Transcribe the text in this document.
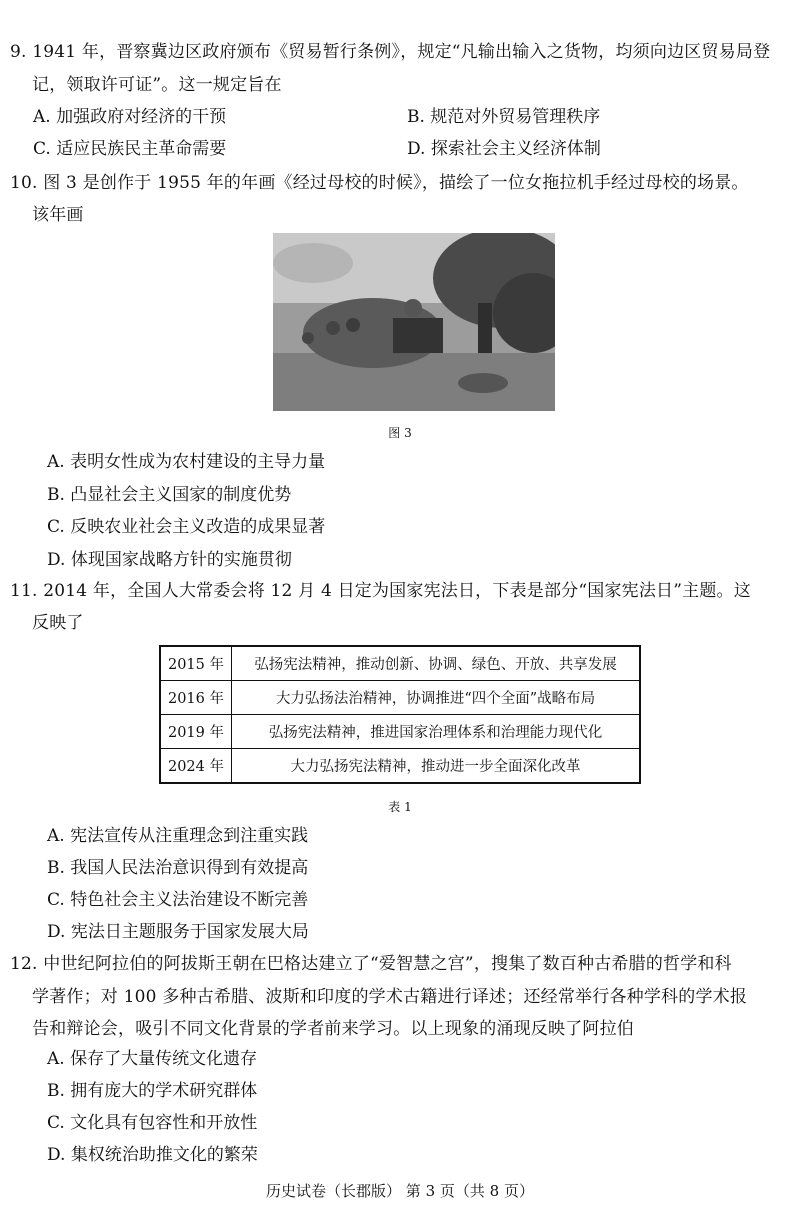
9. 1941 年，晋察冀边区政府颁布《贸易暂行条例》，规定“凡输出输入之货物，均须向边区贸易局登
记，领取许可证”。这一规定旨在
A. 加强政府对经济的干预	B. 规范对外贸易管理秩序
C. 适应民族民主革命需要	D. 探索社会主义经济体制
10. 图 3 是创作于 1955 年的年画《经过母校的时候》，描绘了一位女拖拉机手经过母校的场景。
该年画
图 3
A. 表明女性成为农村建设的主导力量
B. 凸显社会主义国家的制度优势
C. 反映农业社会主义改造的成果显著
D. 体现国家战略方针的实施贯彻
11. 2014 年，全国人大常委会将 12 月 4 日定为国家宪法日，下表是部分“国家宪法日”主题。这
反映了
2015 年	弘扬宪法精神，推动创新、协调、绿色、开放、共享发展
2016 年	大力弘扬法治精神，协调推进“四个全面”战略布局
2019 年	弘扬宪法精神，推进国家治理体系和治理能力现代化
2024 年	大力弘扬宪法精神，推动进一步全面深化改革
表 1
A. 宪法宣传从注重理念到注重实践
B. 我国人民法治意识得到有效提高
C. 特色社会主义法治建设不断完善
D. 宪法日主题服务于国家发展大局
12. 中世纪阿拉伯的阿拔斯王朝在巴格达建立了“爱智慧之宫”，搜集了数百种古希腊的哲学和科
学著作；对 100 多种古希腊、波斯和印度的学术古籍进行译述；还经常举行各种学科的学术报
告和辩论会，吸引不同文化背景的学者前来学习。以上现象的涌现反映了阿拉伯
A. 保存了大量传统文化遗存
B. 拥有庞大的学术研究群体
C. 文化具有包容性和开放性
D. 集权统治助推文化的繁荣
历史试卷（长郡版） 第 3 页（共 8 页）
